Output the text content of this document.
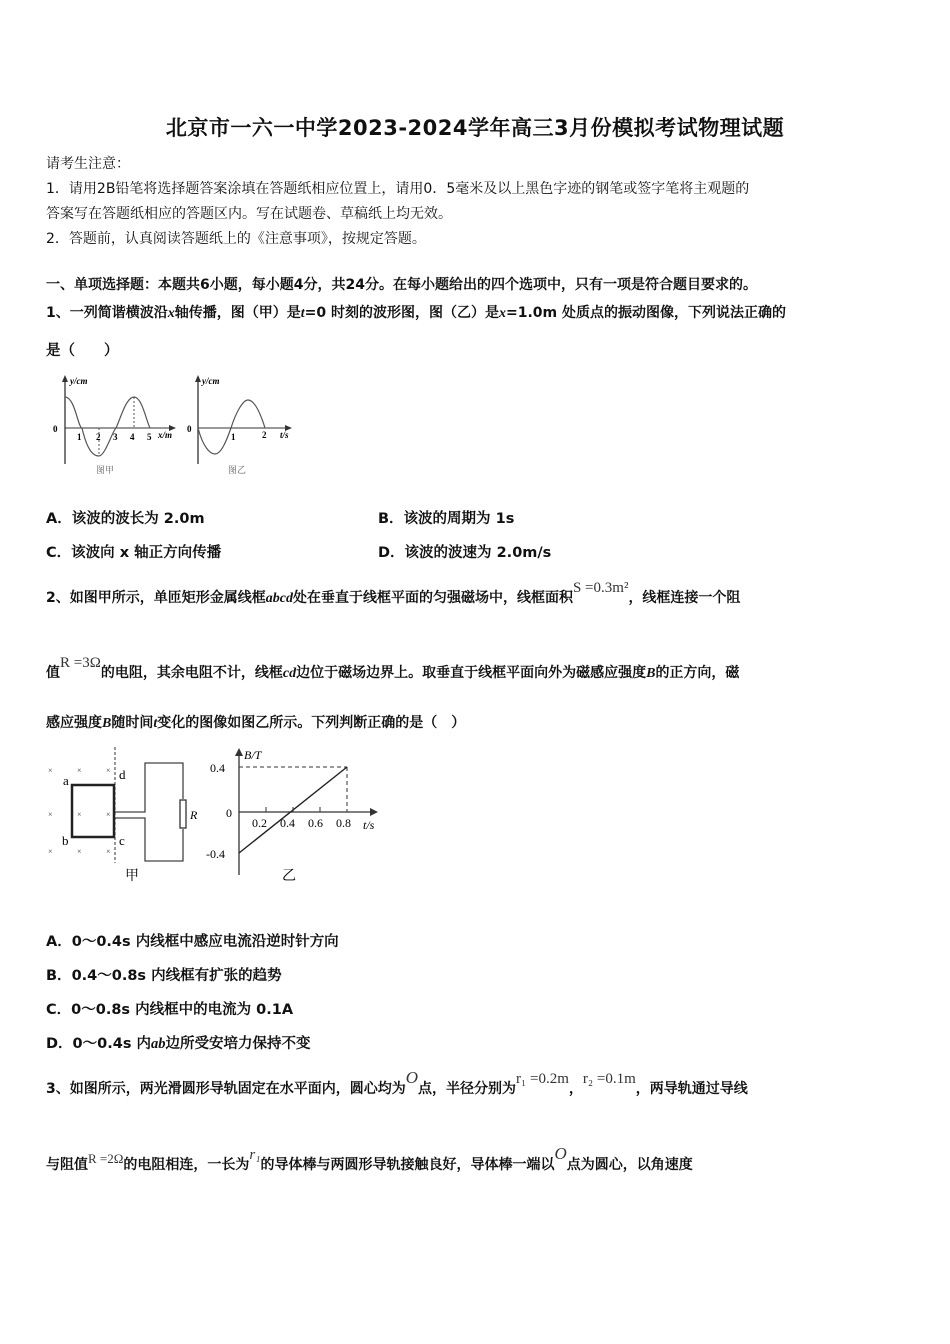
北京市一六一中学2023-2024学年高三3月份模拟考试物理试题
请考生注意：
1．请用2B铅笔将选择题答案涂填在答题纸相应位置上，请用0．5毫米及以上黑色字迹的钢笔或签字笔将主观题的
答案写在答题纸相应的答题区内。写在试题卷、草稿纸上均无效。
2．答题前，认真阅读答题纸上的《注意事项》，按规定答题。
一、单项选择题：本题共6小题，每小题4分，共24分。在每小题给出的四个选项中，只有一项是符合题目要求的。
1、一列简谐横波沿x轴传播，图（甲）是t=0 时刻的波形图，图（乙）是x=1.0m 处质点的振动图像，下列说法正确的
是（　　）
y/cm
0
1 2 3 4 5 x/m
图甲
y/cm
0
1	2 t/s
图乙
A．该波的波长为 2.0m	B．该波的周期为 1s
C．该波向 x 轴正方向传播	D．该波的波速为 2.0m/s
2、如图甲所示，单匝矩形金属线框abcd处在垂直于线框平面的匀强磁场中，线框面积S =0.3m²，线框连接一个阻
值R =3Ω的电阻，其余电阻不计，线框cd边位于磁场边界上。取垂直于线框平面向外为磁感应强度B的正方向，磁
感应强度B随时间t变化的图像如图乙所示。下列判断正确的是（　）
×	×	×
×	×	×
×	×	×
a
b	c
d
R
甲
B/T
0.4
0
-0.4
0.2 0.4 0.6 0.8 t/s
乙
A．0～0.4s 内线框中感应电流沿逆时针方向
B．0.4～0.8s 内线框有扩张的趋势
C．0～0.8s 内线框中的电流为 0.1A
D．0～0.4s 内ab边所受安培力保持不变
3、如图所示，两光滑圆形导轨固定在水平面内，圆心均为O点，半径分别为r₁ =0.2m，r₂ =0.1m，两导轨通过导线
与阻值R =2Ω的电阻相连，一长为r₁的导体棒与两圆形导轨接触良好，导体棒一端以O点为圆心，以角速度
